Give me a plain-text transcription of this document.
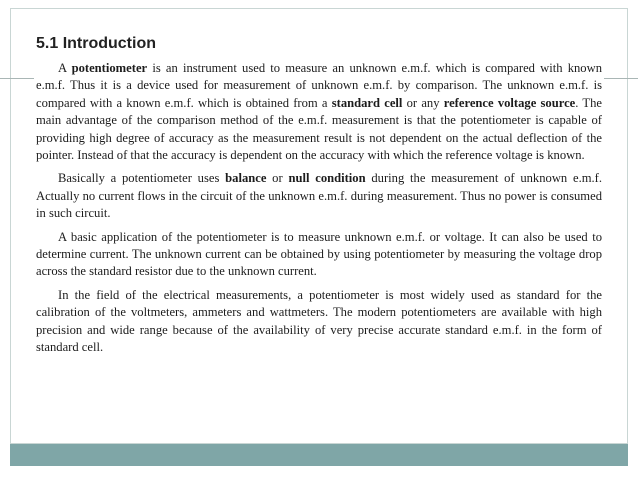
5.1 Introduction

A potentiometer is an instrument used to measure an unknown e.m.f. which is compared with known e.m.f. Thus it is a device used for measurement of unknown e.m.f. by comparison. The unknown e.m.f. is compared with a known e.m.f. which is obtained from a standard cell or any reference voltage source. The main advantage of the comparison method of the e.m.f. measurement is that the potentiometer is capable of providing high degree of accuracy as the measurement result is not dependent on the actual deflection of the pointer. Instead of that the accuracy is dependent on the accuracy with which the reference voltage is known.

Basically a potentiometer uses balance or null condition during the measurement of unknown e.m.f. Actually no current flows in the circuit of the unknown e.m.f. during measurement. Thus no power is consumed in such circuit.

A basic application of the potentiometer is to measure unknown e.m.f. or voltage. It can also be used to determine current. The unknown current can be obtained by using potentiometer by measuring the voltage drop across the standard resistor due to the unknown current.

In the field of the electrical measurements, a potentiometer is most widely used as standard for the calibration of the voltmeters, ammeters and wattmeters. The modern potentiometers are available with high precision and wide range because of the availability of very precise accurate standard e.m.f. in the form of standard cell.
